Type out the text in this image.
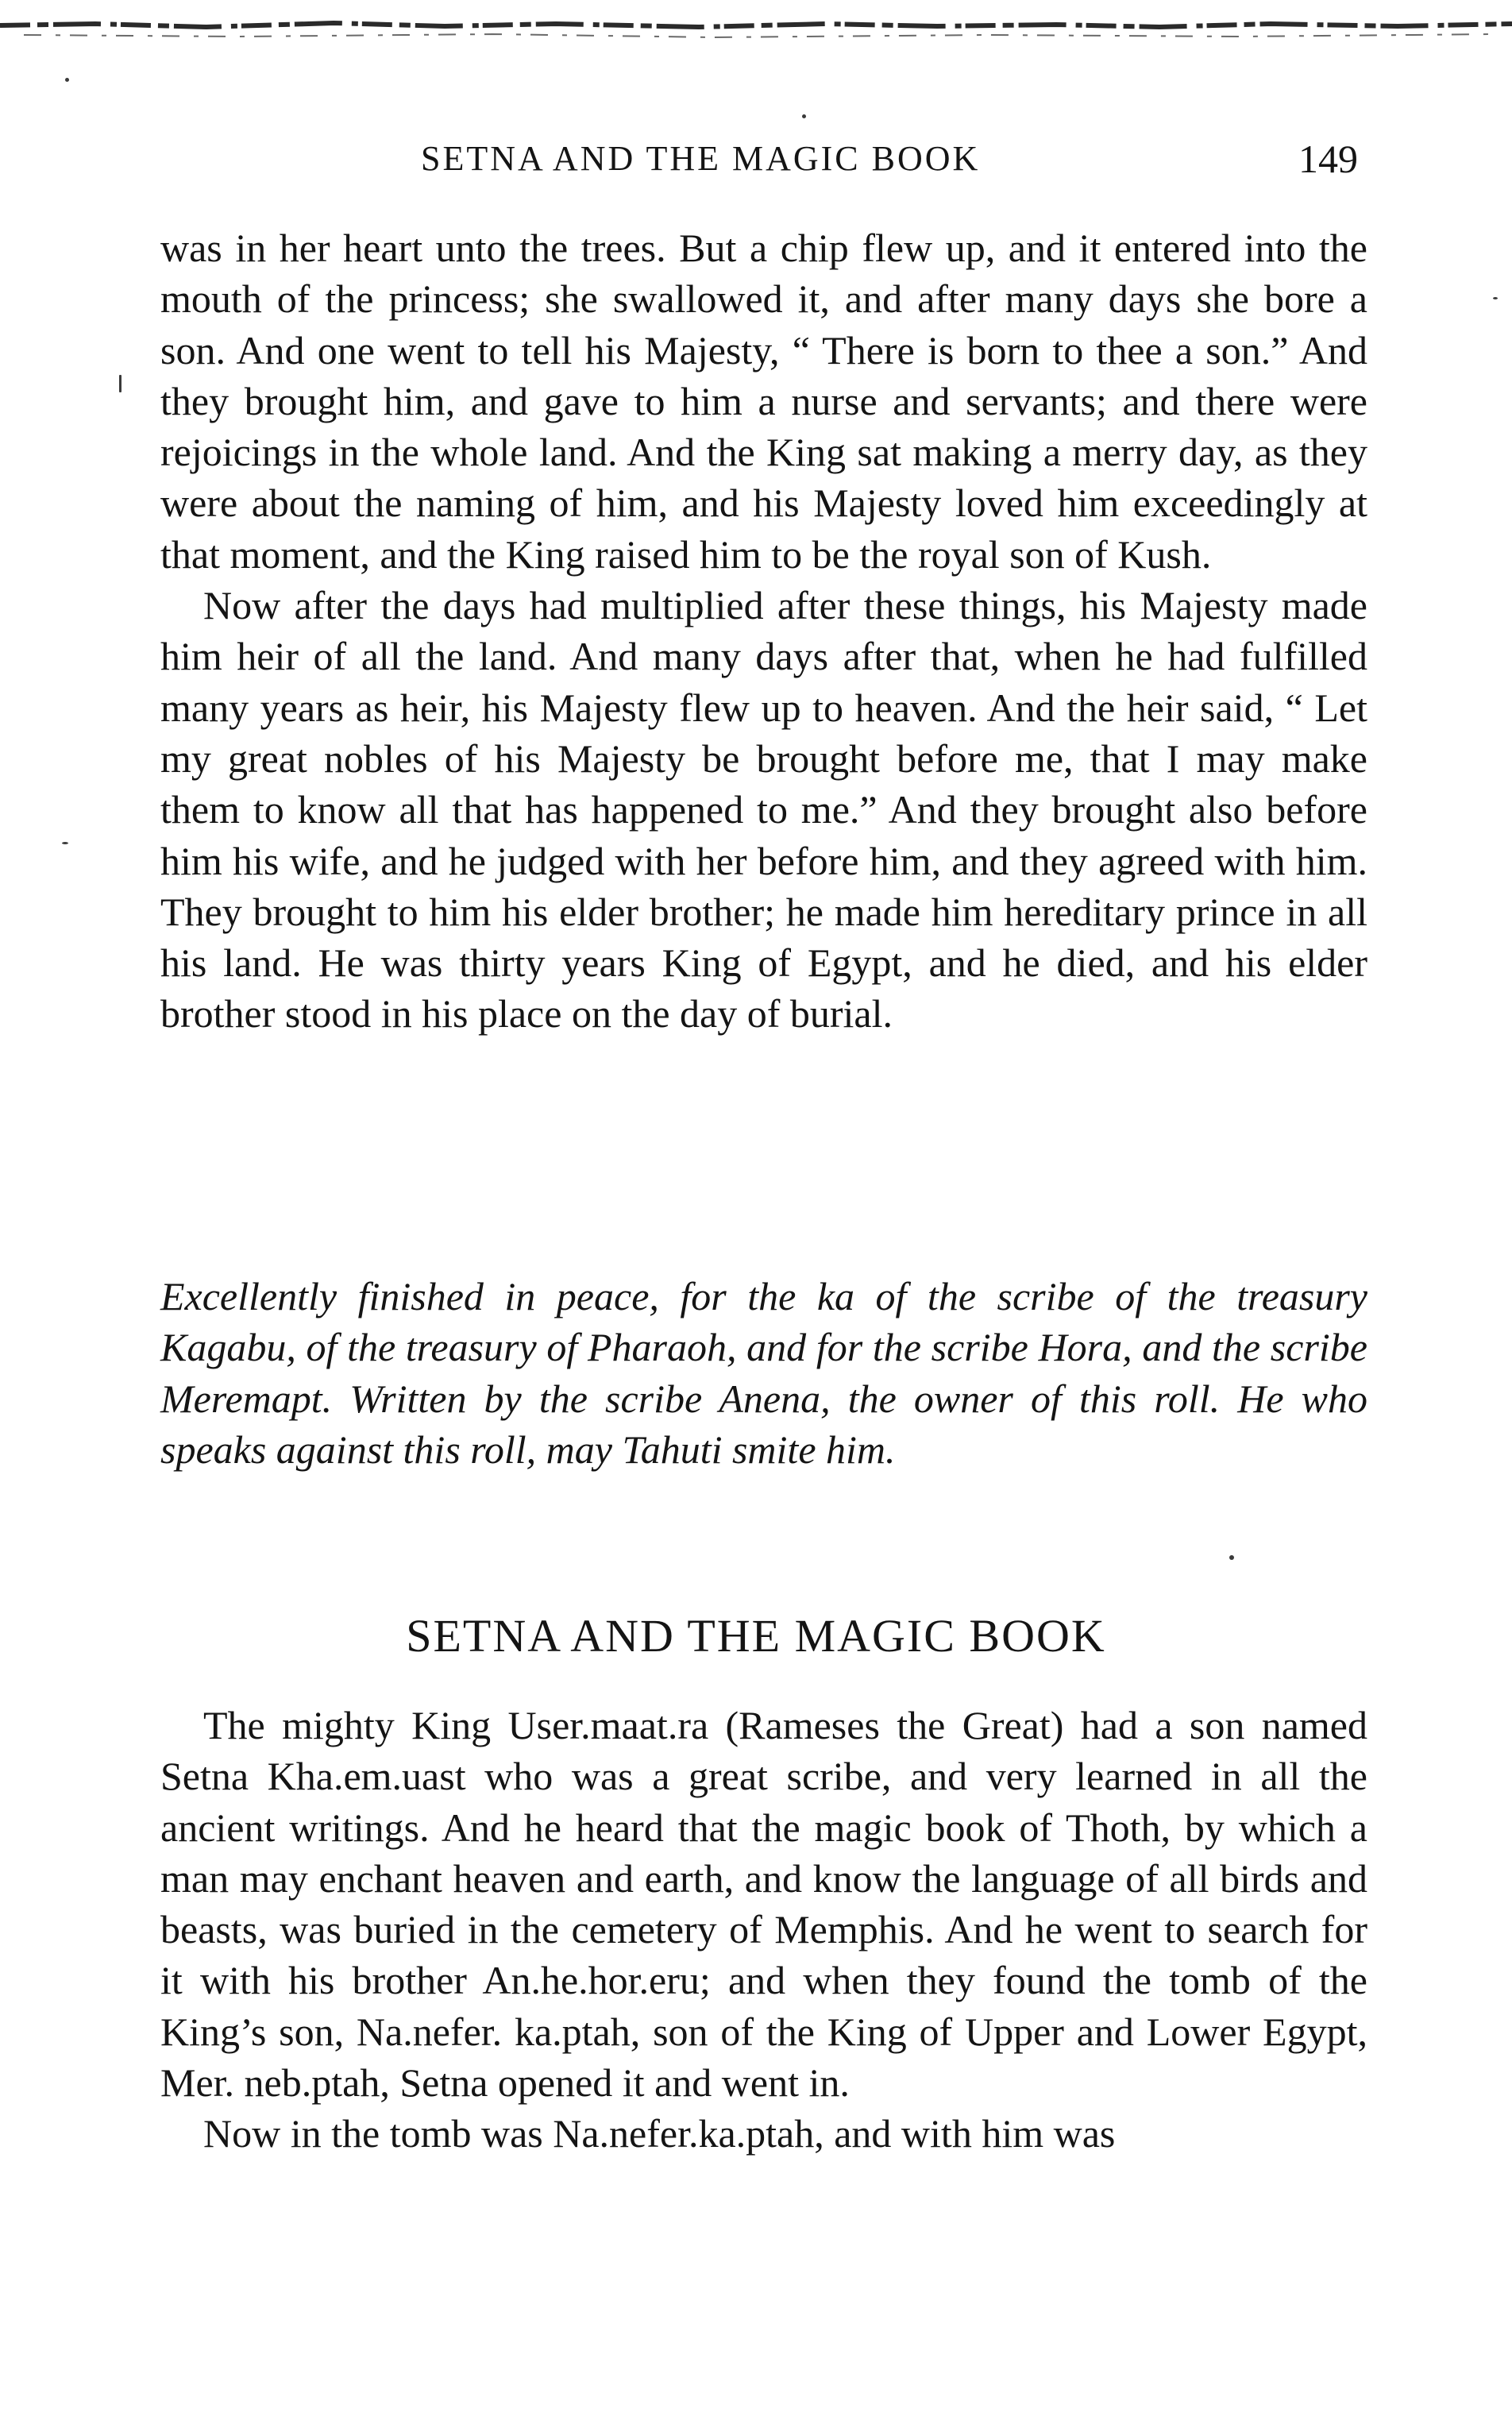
SETNA AND THE MAGIC BOOK	149

was in her heart unto the trees. But a chip flew up, and it entered into the mouth of the princess; she swallowed it, and after many days she bore a son. And one went to tell his Majesty, “ There is born to thee a son.” And they brought him, and gave to him a nurse and servants; and there were rejoicings in the whole land. And the King sat making a merry day, as they were about the naming of him, and his Majesty loved him exceedingly at that moment, and the King raised him to be the royal son of Kush.

Now after the days had multiplied after these things, his Majesty made him heir of all the land. And many days after that, when he had fulfilled many years as heir, his Majesty flew up to heaven. And the heir said, “ Let my great nobles of his Majesty be brought before me, that I may make them to know all that has happened to me.” And they brought also before him his wife, and he judged with her before him, and they agreed with him. They brought to him his elder brother; he made him hereditary prince in all his land. He was thirty years King of Egypt, and he died, and his elder brother stood in his place on the day of burial.

Excellently finished in peace, for the ka of the scribe of the treasury Kagabu, of the treasury of Pharaoh, and for the scribe Hora, and the scribe Meremapt. Written by the scribe Anena, the owner of this roll. He who speaks against this roll, may Tahuti smite him.

SETNA AND THE MAGIC BOOK

The mighty King User.maat.ra (Rameses the Great) had a son named Setna Kha.em.uast who was a great scribe, and very learned in all the ancient writings. And he heard that the magic book of Thoth, by which a man may enchant heaven and earth, and know the language of all birds and beasts, was buried in the cemetery of Memphis. And he went to search for it with his brother An.he.hor.eru; and when they found the tomb of the King’s son, Na.nefer. ka.ptah, son of the King of Upper and Lower Egypt, Mer. neb.ptah, Setna opened it and went in.

Now in the tomb was Na.nefer.ka.ptah, and with him was
